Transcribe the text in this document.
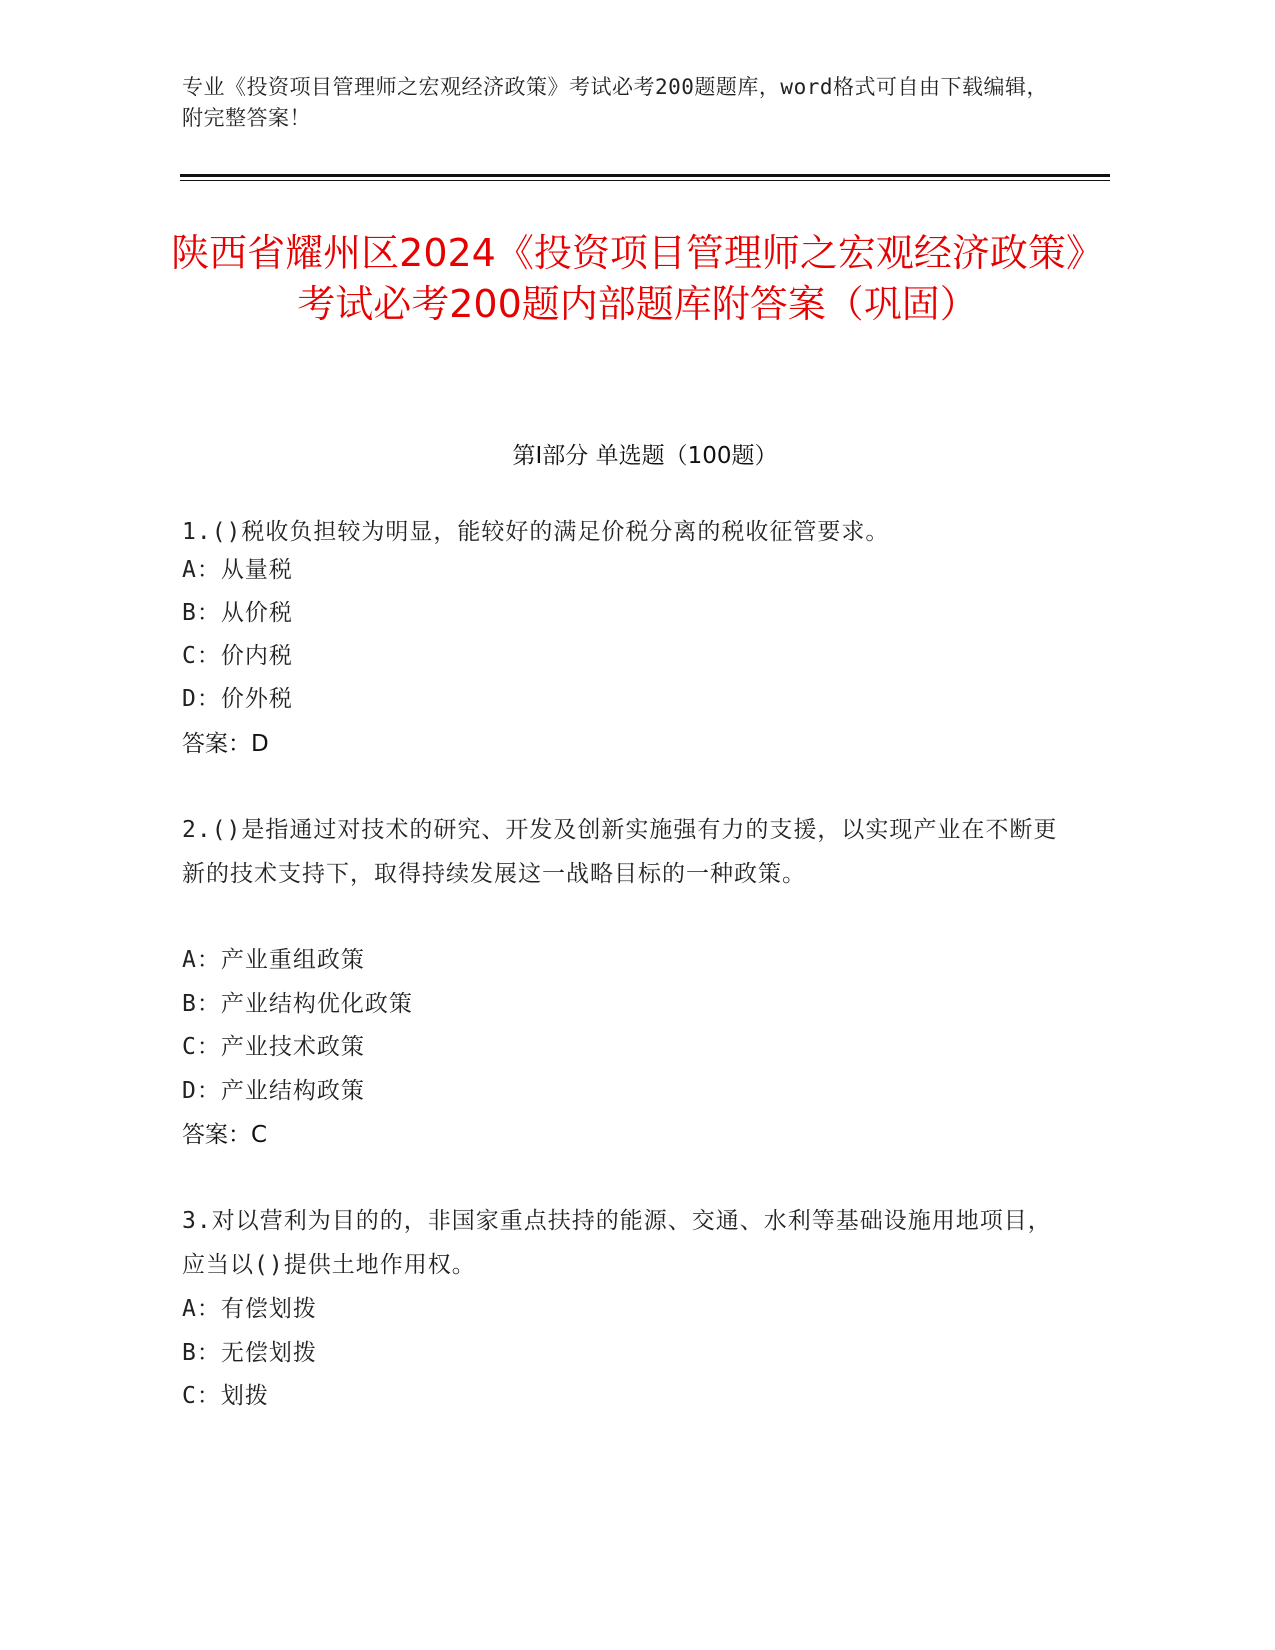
专业《投资项目管理师之宏观经济政策》考试必考200题题库，word格式可自由下载编辑，附完整答案！
陕西省耀州区2024《投资项目管理师之宏观经济政策》考试必考200题内部题库附答案（巩固）
第Ⅰ部分 单选题（100题）
1.()税收负担较为明显，能较好的满足价税分离的税收征管要求。
A：从量税
B：从价税
C：价内税
D：价外税
答案：D
2.()是指通过对技术的研究、开发及创新实施强有力的支援，以实现产业在不断更新的技术支持下，取得持续发展这一战略目标的一种政策。
A：产业重组政策
B：产业结构优化政策
C：产业技术政策
D：产业结构政策
答案：C
3.对以营利为目的的，非国家重点扶持的能源、交通、水利等基础设施用地项目，应当以()提供土地作用权。
A：有偿划拨
B：无偿划拨
C：划拨
